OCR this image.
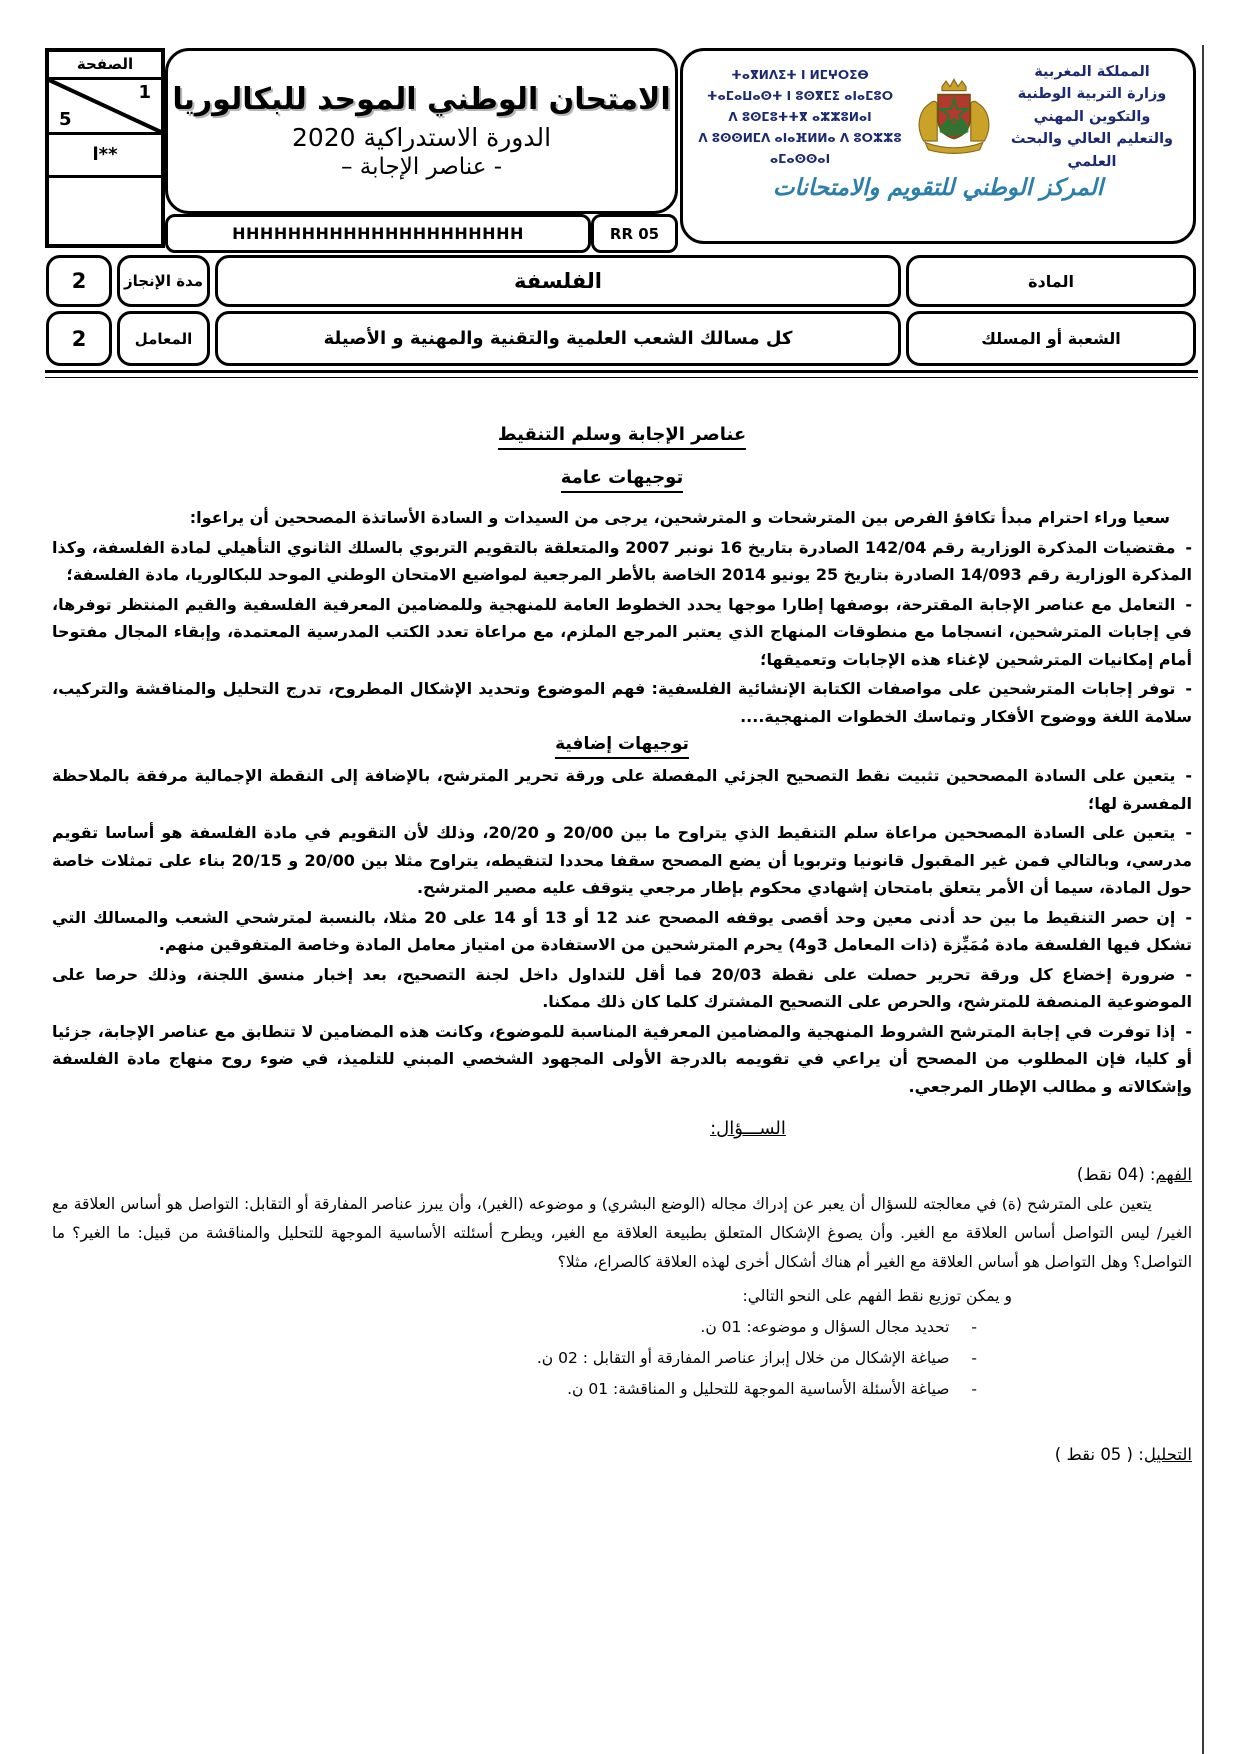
الصفحة
1
5
ا**
الامتحان الوطني الموحد للبكالوريا
الدورة الاستدراكية 2020
- عناصر الإجابة –
المملكة المغربية
وزارة التربية الوطنية
والتكوين المهني
والتعليم العالي والبحث العلمي
ⵜⴰⴳⵍⴷⵉⵜ ⵏ ⵍⵎⵖⵔⵉⴱ
ⵜⴰⵎⴰⵡⴰⵙⵜ ⵏ ⵓⵙⴳⵎⵉ ⴰⵏⴰⵎⵓⵔ
ⴷ ⵓⵙⵎⵓⵜⵜⴳ ⴰⵣⵣⵓⵍⴰⵏ
ⴷ ⵓⵙⵙⵍⵎⴷ ⴰⵏⴰⴼⵍⵍⴰ ⴷ ⵓⵔⵣⵣⵓ ⴰⵎⴰⵙⵙⴰⵏ
المركز الوطني للتقويم والامتحانات
HHHHHHHHHHHHHHHHHHHHH	RR 05
2	مدة الإنجاز	الفلسفة	المادة
2	المعامل	كل مسالك الشعب العلمية والتقنية والمهنية و الأصيلة	الشعبة أو المسلك
عناصر الإجابة وسلم التنقيط
توجيهات عامة

سعيا وراء احترام مبدأ تكافؤ الفرص بين المترشحات و المترشحين، يرجى من السيدات و السادة الأساتذة المصححين أن يراعوا:

-مقتضيات المذكرة الوزارية رقم 142/04 الصادرة بتاريخ 16 نونبر 2007 والمتعلقة بالتقويم التربوي بالسلك الثانوي التأهيلي لمادة الفلسفة، وكذا المذكرة الوزارية رقم 14/093 الصادرة بتاريخ 25 يونيو 2014 الخاصة بالأطر المرجعية لمواضيع الامتحان الوطني الموحد للبكالوريا، مادة الفلسفة؛

-التعامل مع عناصر الإجابة المقترحة، بوصفها إطارا موجها يحدد الخطوط العامة للمنهجية وللمضامين المعرفية الفلسفية والقيم المنتظر توفرها، في إجابات المترشحين، انسجاما مع منطوقات المنهاج الذي يعتبر المرجع الملزم، مع مراعاة تعدد الكتب المدرسية المعتمدة، وإبقاء المجال مفتوحا أمام إمكانيات المترشحين لإغناء هذه الإجابات وتعميقها؛

-توفر إجابات المترشحين على مواصفات الكتابة الإنشائية الفلسفية: فهم الموضوع وتحديد الإشكال المطروح، تدرج التحليل والمناقشة والتركيب، سلامة اللغة ووضوح الأفكار وتماسك الخطوات المنهجية....

توجيهات إضافية

-يتعين على السادة المصححين تثبيت نقط التصحيح الجزئي المفصلة على ورقة تحرير المترشح، بالإضافة إلى النقطة الإجمالية مرفقة بالملاحظة المفسرة لها؛

-يتعين على السادة المصححين مراعاة سلم التنقيط الذي يتراوح ما بين 20/00 و 20/20، وذلك لأن التقويم في مادة الفلسفة هو أساسا تقويم مدرسي، وبالتالي فمن غير المقبول قانونيا وتربويا أن يضع المصحح سقفا محددا لتنقيطه، يتراوح مثلا بين 20/00 و 20/15 بناء على تمثلات خاصة حول المادة، سيما أن الأمر يتعلق بامتحان إشهادي محكوم بإطار مرجعي يتوقف عليه مصير المترشح.

-إن حصر التنقيط ما بين حد أدنى معين وحد أقصى يوقفه المصحح عند 12 أو 13 أو 14 على 20 مثلا، بالنسبة لمترشحي الشعب والمسالك التي تشكل فيها الفلسفة مادة مُمَيِّزة (ذات المعامل 3و4) يحرم المترشحين من الاستفادة من امتياز معامل المادة وخاصة المتفوقين منهم.

-ضرورة إخضاع كل ورقة تحرير حصلت على نقطة 20/03 فما أقل للتداول داخل لجنة التصحيح، بعد إخبار منسق اللجنة، وذلك حرصا على الموضوعية المنصفة للمترشح، والحرص على التصحيح المشترك كلما كان ذلك ممكنا.

-إذا توفرت في إجابة المترشح الشروط المنهجية والمضامين المعرفية المناسبة للموضوع، وكانت هذه المضامين لا تتطابق مع عناصر الإجابة، جزئيا أو كليا، فإن المطلوب من المصحح أن يراعي في تقويمه بالدرجة الأولى المجهود الشخصي المبني للتلميذ، في ضوء روح منهاج مادة الفلسفة وإشكالاته و مطالب الإطار المرجعي.

الســـؤال:
الفهم: (04 نقط)

يتعين على المترشح (ة) في معالجته للسؤال أن يعبر عن إدراك مجاله (الوضع البشري) و موضوعه (الغير)، وأن يبرز عناصر المفارقة أو التقابل: التواصل هو أساس العلاقة مع الغير/ ليس التواصل أساس العلاقة مع الغير. وأن يصوغ الإشكال المتعلق بطبيعة العلاقة مع الغير، ويطرح أسئلته الأساسية الموجهة للتحليل والمناقشة من قبيل: ما الغير؟ ما التواصل؟ وهل التواصل هو أساس العلاقة مع الغير أم هناك أشكال أخرى لهذه العلاقة كالصراع، مثلا؟

و يمكن توزيع نقط الفهم على النحو التالي:
-تحديد مجال السؤال و موضوعه: 01 ن.
-صياغة الإشكال من خلال إبراز عناصر المفارقة أو التقابل : 02 ن.
-صياغة الأسئلة الأساسية الموجهة للتحليل و المناقشة: 01 ن.
التحليل: ( 05 نقط )
